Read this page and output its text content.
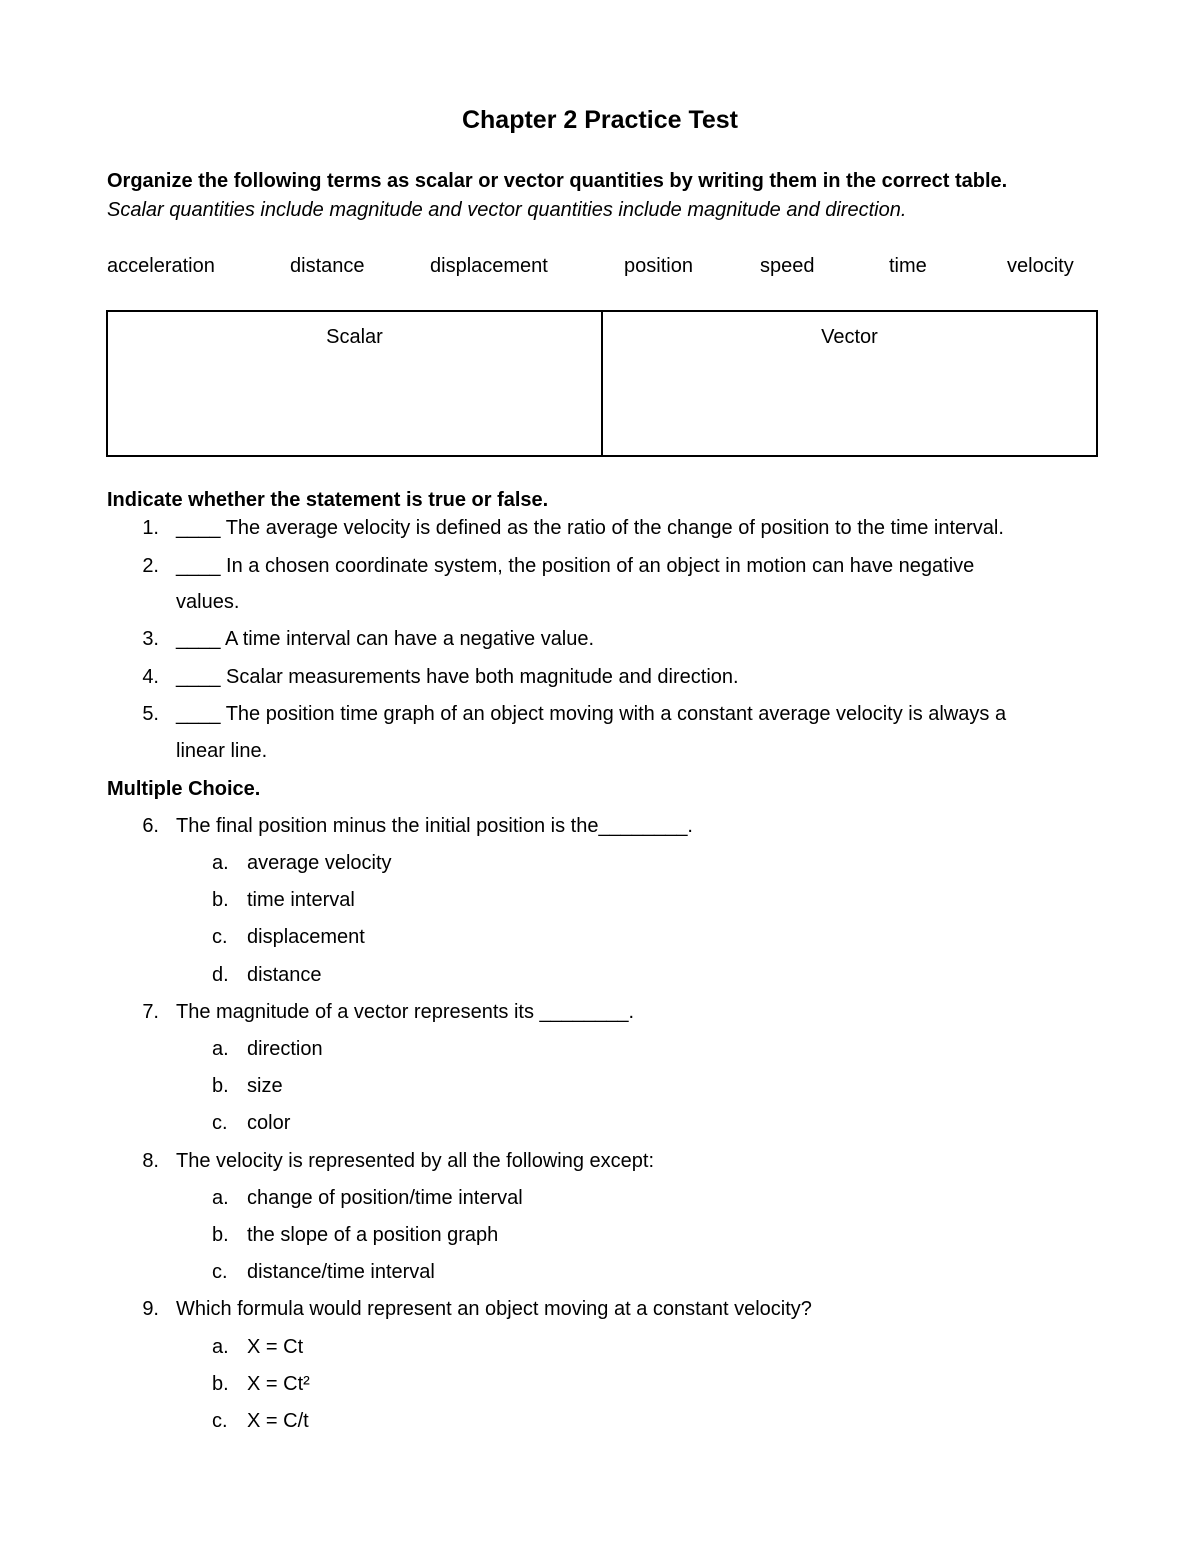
Chapter 2 Practice Test
Organize the following terms as scalar or vector quantities by writing them in the correct table.
Scalar quantities include magnitude and vector quantities include magnitude and direction.
acceleration	distance	displacement	position	speed	time	velocity
Scalar	Vector
Indicate whether the statement is true or false.
1. ____ The average velocity is defined as the ratio of the change of position to the time interval.
2. ____ In a chosen coordinate system, the position of an object in motion can have negative
values.
3. ____ A time interval can have a negative value.
4. ____ Scalar measurements have both magnitude and direction.
5. ____ The position time graph of an object moving with a constant average velocity is always a
linear line.
Multiple Choice.
6. The final position minus the initial position is the________.
a. average velocity
b. time interval
c. displacement
d. distance
7. The magnitude of a vector represents its ________.
a. direction
b. size
c. color
8. The velocity is represented by all the following except:
a. change of position/time interval
b. the slope of a position graph
c. distance/time interval
9. Which formula would represent an object moving at a constant velocity?
a. X = Ct
b. X = Ct²
c. X = C/t
